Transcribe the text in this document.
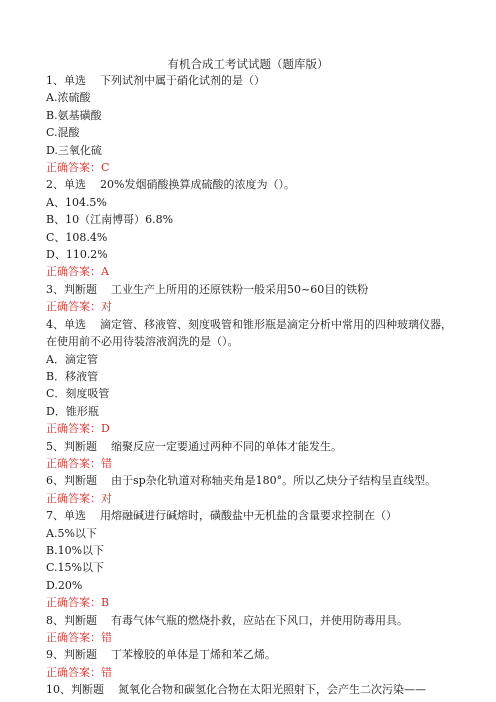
有机合成工考试试题（题库版）
1、单选 下列试剂中属于硝化试剂的是（）
A.浓硫酸
B.氨基磺酸
C.混酸
D.三氧化硫
正确答案：C
2、单选 20%发烟硝酸换算成硫酸的浓度为（）。
A、104.5%
B、10（江南博哥）6.8%
C、108.4%
D、110.2%
正确答案：A
3、判断题 工业生产上所用的还原铁粉一般采用50~60目的铁粉
正确答案：对
4、单选 滴定管、移液管、刻度吸管和锥形瓶是滴定分析中常用的四种玻璃仪器，在使用前不必用待装溶液润洗的是（）。
A．滴定管
B．移液管
C．刻度吸管
D．锥形瓶
正确答案：D
5、判断题 缩聚反应一定要通过两种不同的单体才能发生。
正确答案：错
6、判断题 由于sp杂化轨道对称轴夹角是180°。所以乙炔分子结构呈直线型。
正确答案：对
7、单选 用熔融碱进行碱熔时，磺酸盐中无机盐的含量要求控制在（）
A.5%以下
B.10%以下
C.15%以下
D.20%
正确答案：B
8、判断题 有毒气体气瓶的燃烧扑救，应站在下风口，并使用防毒用具。
正确答案：错
9、判断题 丁苯橡胶的单体是丁烯和苯乙烯。
正确答案：错
10、判断题 氮氧化合物和碳氢化合物在太阳光照射下，会产生二次污染——
